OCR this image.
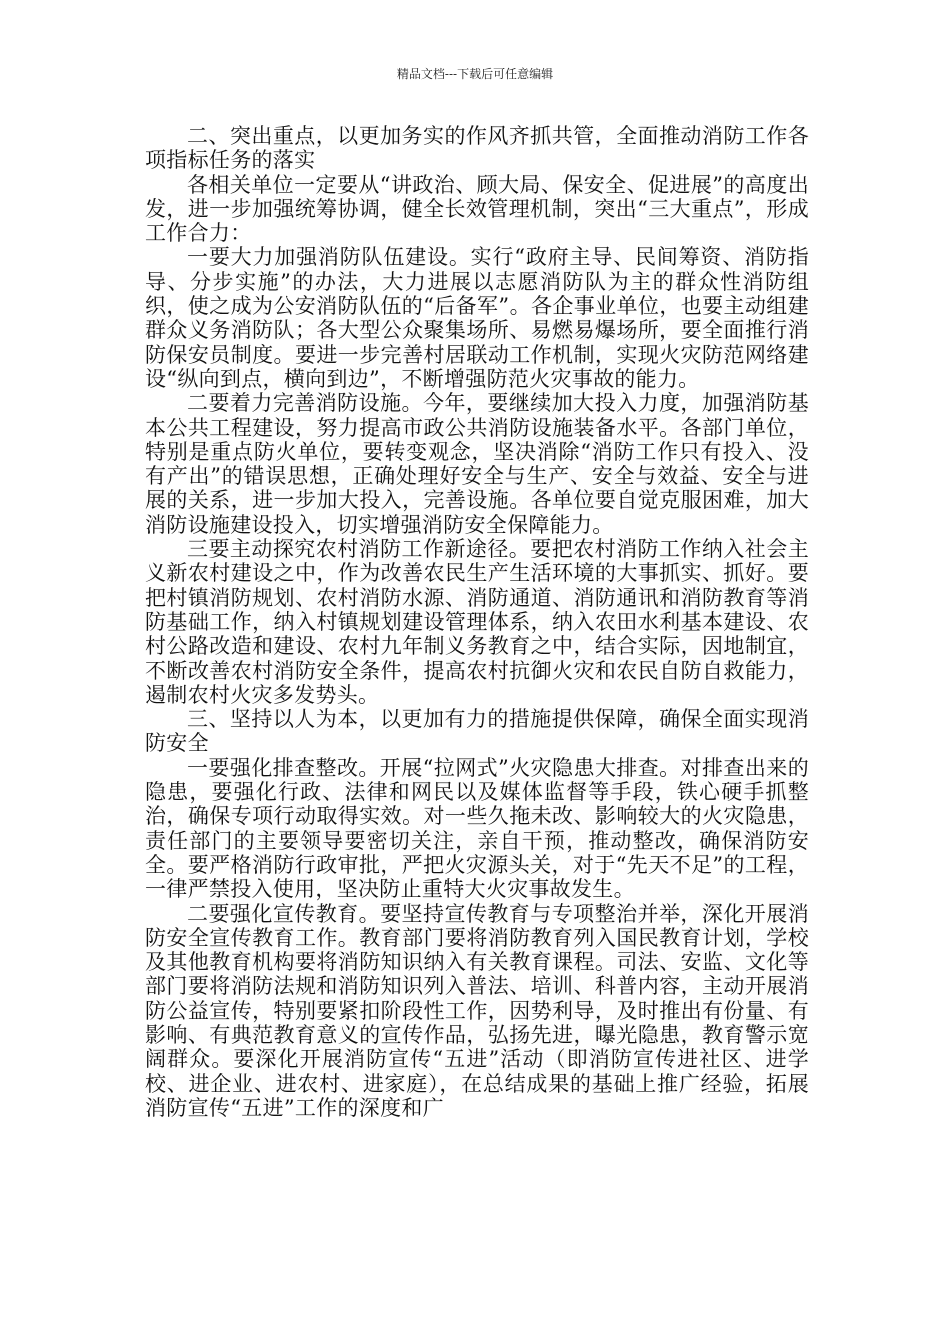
精品文档---下载后可任意编辑

二、突出重点，以更加务实的作风齐抓共管，全面推动消防工作各项指标任务的落实

各相关单位一定要从“讲政治、顾大局、保安全、促进展”的高度出发，进一步加强统筹协调，健全长效管理机制，突出“三大重点”，形成工作合力：

一要大力加强消防队伍建设。实行“政府主导、民间筹资、消防指导、分步实施”的办法，大力进展以志愿消防队为主的群众性消防组织，使之成为公安消防队伍的“后备军”。各企事业单位，也要主动组建群众义务消防队；各大型公众聚集场所、易燃易爆场所，要全面推行消防保安员制度。要进一步完善村居联动工作机制，实现火灾防范网络建设“纵向到点，横向到边”，不断增强防范火灾事故的能力。

二要着力完善消防设施。今年，要继续加大投入力度，加强消防基本公共工程建设，努力提高市政公共消防设施装备水平。各部门单位，特别是重点防火单位，要转变观念，坚决消除“消防工作只有投入、没有产出”的错误思想，正确处理好安全与生产、安全与效益、安全与进展的关系，进一步加大投入，完善设施。各单位要自觉克服困难，加大消防设施建设投入，切实增强消防安全保障能力。

三要主动探究农村消防工作新途径。要把农村消防工作纳入社会主义新农村建设之中，作为改善农民生产生活环境的大事抓实、抓好。要把村镇消防规划、农村消防水源、消防通道、消防通讯和消防教育等消防基础工作，纳入村镇规划建设管理体系，纳入农田水利基本建设、农村公路改造和建设、农村九年制义务教育之中，结合实际，因地制宜，不断改善农村消防安全条件，提高农村抗御火灾和农民自防自救能力，遏制农村火灾多发势头。

三、坚持以人为本，以更加有力的措施提供保障，确保全面实现消防安全

一要强化排查整改。开展“拉网式”火灾隐患大排查。对排查出来的隐患，要强化行政、法律和网民以及媒体监督等手段，铁心硬手抓整治，确保专项行动取得实效。对一些久拖未改、影响较大的火灾隐患，责任部门的主要领导要密切关注，亲自干预，推动整改，确保消防安全。要严格消防行政审批，严把火灾源头关，对于“先天不足”的工程，一律严禁投入使用，坚决防止重特大火灾事故发生。

二要强化宣传教育。要坚持宣传教育与专项整治并举，深化开展消防安全宣传教育工作。教育部门要将消防教育列入国民教育计划，学校及其他教育机构要将消防知识纳入有关教育课程。司法、安监、文化等部门要将消防法规和消防知识列入普法、培训、科普内容，主动开展消防公益宣传，特别要紧扣阶段性工作，因势利导，及时推出有份量、有影响、有典范教育意义的宣传作品，弘扬先进，曝光隐患，教育警示宽阔群众。要深化开展消防宣传“五进”活动（即消防宣传进社区、进学校、进企业、进农村、进家庭），在总结成果的基础上推广经验，拓展消防宣传“五进”工作的深度和广
